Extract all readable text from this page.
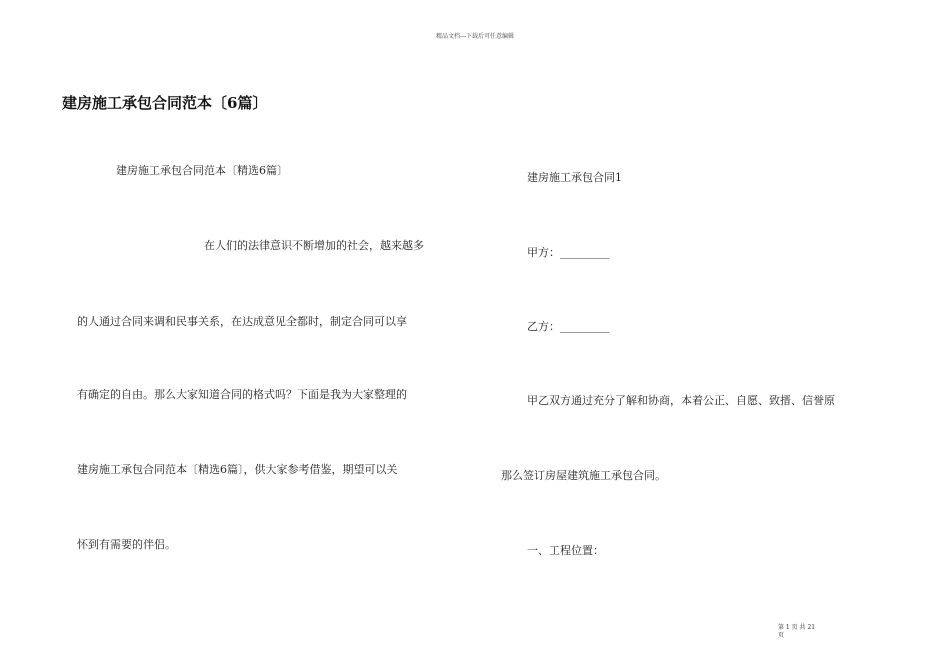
精品文档---下载后可任意编辑
建房施工承包合同范本〔6篇〕
建房施工承包合同范本〔精选6篇〕
在人们的法律意识不断增加的社会，越来越多
的人通过合同来调和民事关系，在达成意见全都时，制定合同可以享
有确定的自由。那么大家知道合同的格式吗？下面是我为大家整理的
建房施工承包合同范本〔精选6篇〕，供大家参考借鉴，期望可以关
怀到有需要的伴侣。
建房施工承包合同1
甲方：_________
乙方：_________
甲乙双方通过充分了解和协商，本着公正、自愿、致搢、信誉原
那么签订房屋建筑施工承包合同。
一、工程位置：
第 1 页 共 21
页
